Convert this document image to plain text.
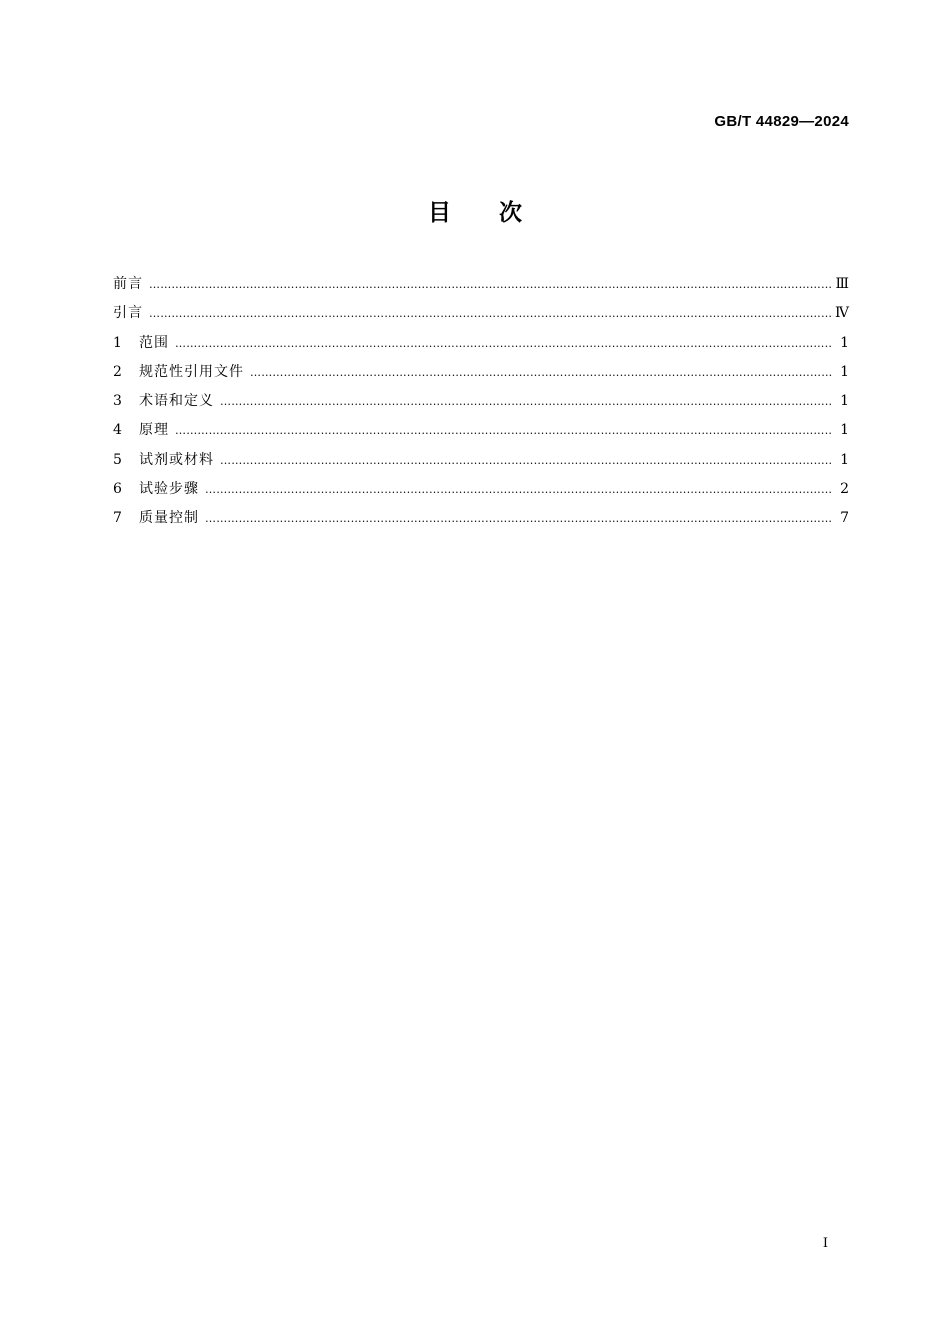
GB/T 44829—2024
目次
前言 …………………………………………………………………………………………………………………………………………………………………………………………………………………………………………………………………………	Ⅲ
引言 …………………………………………………………………………………………………………………………………………………………………………………………………………………………………………………………………………	Ⅳ
1	范围 …………………………………………………………………………………………………………………………………………………………………………………………………………………………………………………………………………	1
2	规范性引用文件 …………………………………………………………………………………………………………………………………………………………………………………………………………………………………………………………………………	1
3	术语和定义 …………………………………………………………………………………………………………………………………………………………………………………………………………………………………………………………………………	1
4	原理 …………………………………………………………………………………………………………………………………………………………………………………………………………………………………………………………………………	1
5	试剂或材料 …………………………………………………………………………………………………………………………………………………………………………………………………………………………………………………………………………	1
6	试验步骤 …………………………………………………………………………………………………………………………………………………………………………………………………………………………………………………………………………	2
7	质量控制 …………………………………………………………………………………………………………………………………………………………………………………………………………………………………………………………………………	7
Ⅰ
